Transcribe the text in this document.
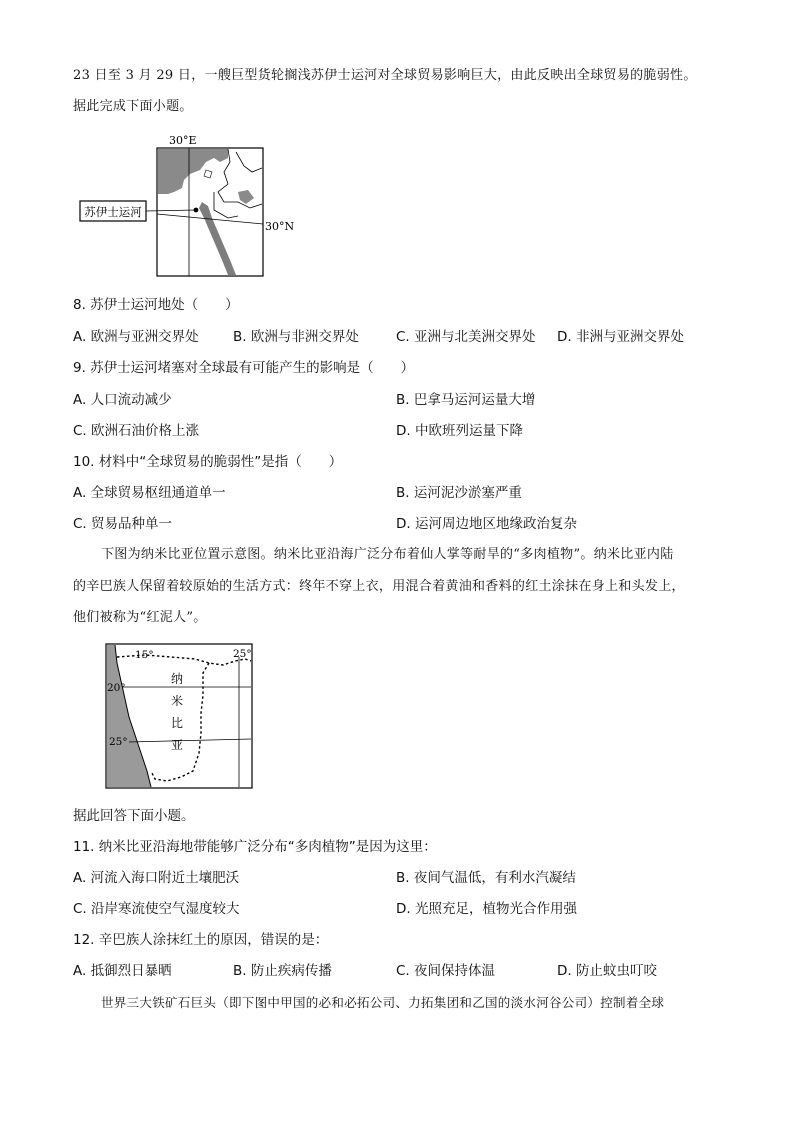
23 日至 3 月 29 日，一艘巨型货轮搁浅苏伊士运河对全球贸易影响巨大，由此反映出全球贸易的脆弱性。
据此完成下面小题。
苏伊士运河
30°E
30°N
8. 苏伊士运河地处（　　）
A. 欧洲与亚洲交界处	B. 欧洲与非洲交界处	C. 亚洲与北美洲交界处 D. 非洲与亚洲交界处
9. 苏伊士运河堵塞对全球最有可能产生的影响是（　　）
A. 人口流动减少	B. 巴拿马运河运量大增
C. 欧洲石油价格上涨	D. 中欧班列运量下降
10. 材料中“全球贸易的脆弱性”是指（　　）
A. 全球贸易枢纽通道单一	B. 运河泥沙淤塞严重
C. 贸易品种单一	D. 运河周边地区地缘政治复杂
下图为纳米比亚位置示意图。纳米比亚沿海广泛分布着仙人掌等耐旱的“多肉植物”。纳米比亚内陆
的辛巴族人保留着较原始的生活方式：终年不穿上衣，用混合着黄油和香料的红土涂抹在身上和头发上，
他们被称为“红泥人”。
15°
20°
25°
25°
纳
米
比
亚
据此回答下面小题。
11. 纳米比亚沿海地带能够广泛分布“多肉植物”是因为这里：
A. 河流入海口附近土壤肥沃	B. 夜间气温低，有利水汽凝结
C. 沿岸寒流使空气湿度较大	D. 光照充足，植物光合作用强
12. 辛巴族人涂抹红土的原因，错误的是：
A. 抵御烈日暴晒	B. 防止疾病传播	C. 夜间保持体温	D. 防止蚊虫叮咬
世界三大铁矿石巨头（即下图中甲国的必和必拓公司、力拓集团和乙国的淡水河谷公司）控制着全球
